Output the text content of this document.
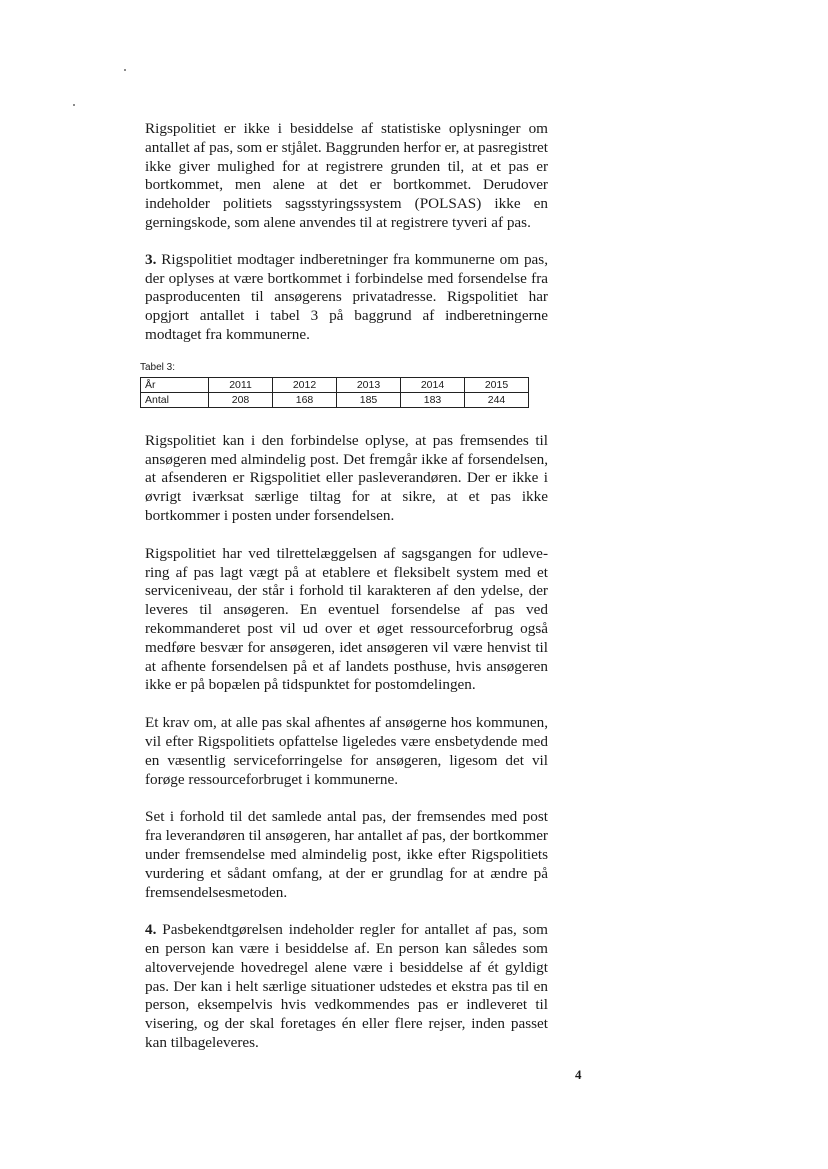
Rigspolitiet er ikke i besiddelse af statistiske oplysninger om antallet af pas, som er stjålet. Baggrunden herfor er, at pasregistret ikke giver mulighed for at registrere grunden til, at et pas er bortkommet, men alene at det er bortkommet. Derudover indeholder politiets sagsstyringssystem (POLSAS) ikke en gerningskode, som alene anvendes til at registrere tyveri af pas.

3. Rigspolitiet modtager indberetninger fra kommunerne om pas, der oplyses at være bortkommet i forbindelse med forsendelse fra pasproducenten til ansøgerens privatadresse. Rigspolitiet har opgjort antallet i tabel 3 på baggrund af indberetningerne modtaget fra kommunerne.

Tabel 3:
År	2011	2012	2013	2014	2015
Antal	208	168	185	183	244

Rigspolitiet kan i den forbindelse oplyse, at pas fremsendes til ansøgeren med almindelig post. Det fremgår ikke af forsendelsen, at afsenderen er Rigspolitiet eller pasleverandøren. Der er ikke i øvrigt iværksat særlige tiltag for at sikre, at et pas ikke bortkommer i posten under forsendelsen.

Rigspolitiet har ved tilrettelæggelsen af sagsgangen for udlevering af pas lagt vægt på at etablere et fleksibelt system med et serviceniveau, der står i forhold til karakteren af den ydelse, der leveres til ansøgeren. En eventuel forsendelse af pas ved rekommanderet post vil ud over et øget ressourceforbrug også medføre besvær for ansøgeren, idet ansøgeren vil være henvist til at afhente forsendelsen på et af landets posthuse, hvis ansøgeren ikke er på bopælen på tidspunktet for postomdelingen.

Et krav om, at alle pas skal afhentes af ansøgerne hos kommunen, vil efter Rigspolitiets opfattelse ligeledes være ensbetydende med en væsentlig serviceforringelse for ansøgeren, ligesom det vil forøge ressourceforbruget i kommunerne.

Set i forhold til det samlede antal pas, der fremsendes med post fra leverandøren til ansøgeren, har antallet af pas, der bortkommer under fremsendelse med almindelig post, ikke efter Rigspolitiets vurdering et sådant omfang, at der er grundlag for at ændre på fremsendelsesmetoden.

4. Pasbekendtgørelsen indeholder regler for antallet af pas, som en person kan være i besiddelse af. En person kan således som altovervejende hovedregel alene være i besiddelse af ét gyldigt pas. Der kan i helt særlige situationer udstedes et ekstra pas til en person, eksempelvis hvis vedkommendes pas er indleveret til visering, og der skal foretages én eller flere rejser, inden passet kan tilbageleveres.

4
